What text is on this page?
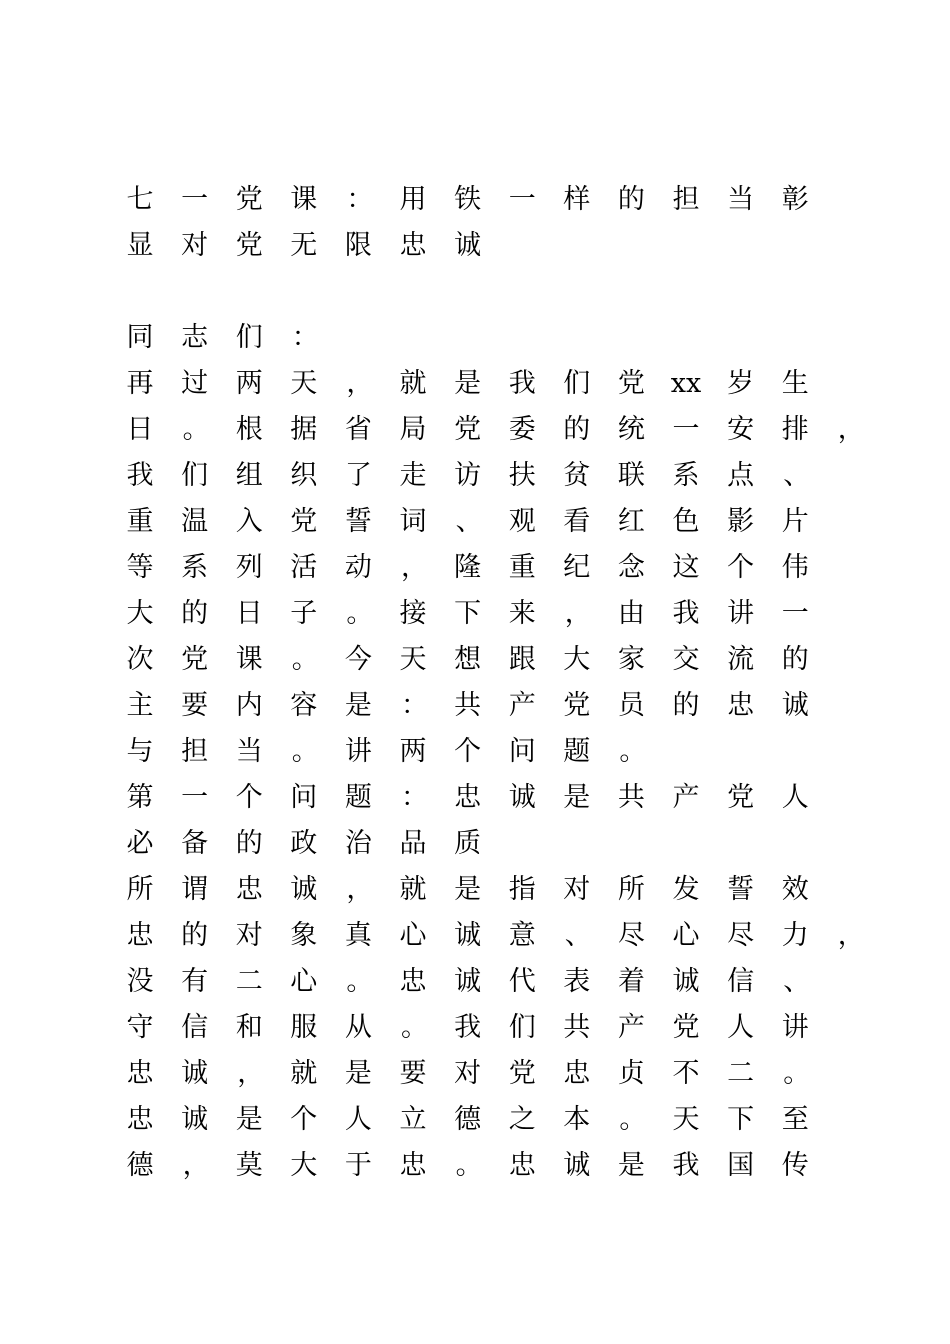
七 一 党 课 ： 用 铁 一 样 的 担 当 彰
显 对 党 无 限 忠 诚
同 志 们 ：
再 过 两 天 ， 就 是 我 们 党 xx 岁 生
日 。 根 据 省 局 党 委 的 统 一 安 排 ，
我 们 组 织 了 走 访 扶 贫 联 系 点 、
重 温 入 党 誓 词 、 观 看 红 色 影 片
等 系 列 活 动 ， 隆 重 纪 念 这 个 伟
大 的 日 子 。 接 下 来 ， 由 我 讲 一
次 党 课 。 今 天 想 跟 大 家 交 流 的
主 要 内 容 是 ： 共 产 党 员 的 忠 诚
与 担 当 。 讲 两 个 问 题 。
第 一 个 问 题 ： 忠 诚 是 共 产 党 人
必 备 的 政 治 品 质
所 谓 忠 诚 ， 就 是 指 对 所 发 誓 效
忠 的 对 象 真 心 诚 意 、 尽 心 尽 力 ，
没 有 二 心 。 忠 诚 代 表 着 诚 信 、
守 信 和 服 从 。 我 们 共 产 党 人 讲
忠 诚 ， 就 是 要 对 党 忠 贞 不 二 。
忠 诚 是 个 人 立 德 之 本 。 天 下 至
德 ， 莫 大 于 忠 。 忠 诚 是 我 国 传
